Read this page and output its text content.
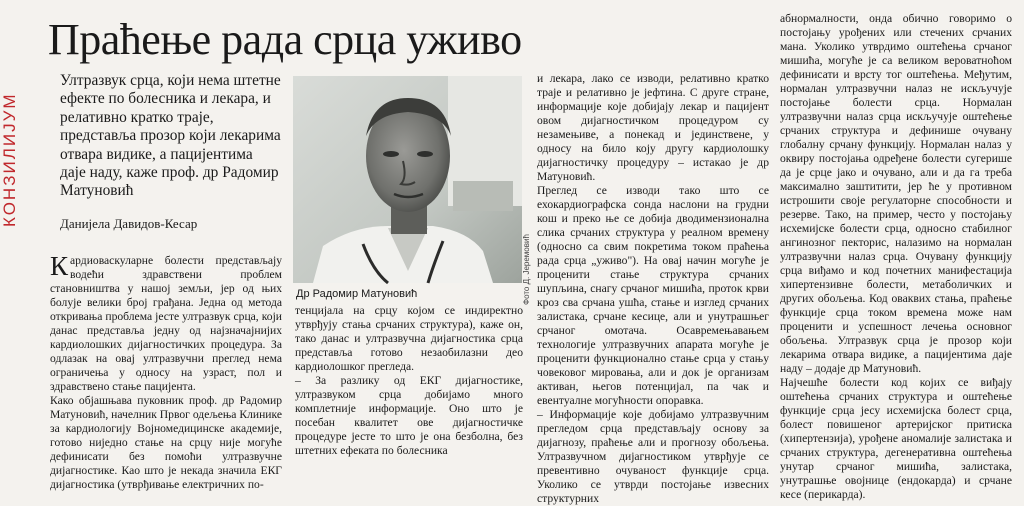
КОНЗИЛИЈУМ
Праћење рада срца уживо
Ултразвук срца, који нема штетне ефекте по болесника и лекара, и релативно кратко траје, представља прозор који лекарима отвара видике, а пацијентима даје наду, каже проф. др Радомир Матуновић
Данијела Давидов-Кесар

Кардиоваскуларне болести представљају водећи здравствени проблем становништва у нашој земљи, јер од њих болује велики број грађана. Једна од метода откривања проблема јесте ултразвук срца, који данас представља једну од најзначајнијих кардиолошких дијагностичких процедура. За одлазак на овај ултразвучни преглед нема ограничења у односу на узраст, пол и здравствено стање пацијента.
Како објашњава пуковник проф. др Радомир Матуновић, начелник Првог одељења Клинике за кардиологију Војномедицинске академије, готово ниједно стање на срцу није могуће дефинисати без помоћи ултразвучне дијагностике. Као што је некада значила ЕКГ дијагностика (утврђивање електричних по-

Фото Д. Јеремовић
Др Радомир Матуновић
тенцијала на срцу којом се индиректно утврђују стања срчаних структура), каже он, тако данас и ултразвучна дијагностика срца представља готово незаобилазни део кардиолошког прегледа.
– За разлику од ЕКГ дијагностике, ултразвуком срца добијамо много комплетније информације. Оно што је посебан квалитет ове дијагностичке процедуре јесте то што је она безболна, без штетних ефеката по болесника
и лекара, лако се изводи, релативно кратко траје и релативно је јефтина. С друге стране, информације које добијају лекар и пацијент овом дијагностичком процедуром су незамењиве, а понекад и јединствене, у односу на било коју другу кардиолошку дијагностичку процедуру – истакао је др Матуновић.
Преглед се изводи тако што се ехокардиографска сонда наслони на грудни кош и преко ње се добија дводимензионална слика срчаних структура у реалном времену (односно са свим покретима током праћења рада срца „уживо"). На овај начин могуће је проценити стање структура срчаних шупљина, снагу срчаног мишића, проток крви кроз сва срчана ушћа, стање и изглед срчаних залистака, срчане кесице, али и унутрашњег срчаног омотача. Осавремењавањем технологије ултразвучних апарата могуће је проценити функционално стање срца у стању човековог мировања, али и док је организам активан, његов потенцијал, па чак и евентуалне могућности опоравка.
– Информације које добијамо ултразвучним прегледом срца представљају основу за дијагнозу, праћење али и прогнозу обољења. Ултразвучном дијагностиком утврђује се превентивно очуваност функције срца. Уколико се утврди постојање извесних структурних
абнормалности, онда обично говоримо о постојању урођених или стечених срчаних мана. Уколико утврдимо оштећења срчаног мишића, могуће је са великом вероватноћом дефинисати и врсту тог оштећења. Међутим, нормалан ултразвучни налаз не искључује постојање болести срца. Нормалан ултразвучни налаз срца искључује оштећење срчаних структура и дефинише очувану глобалну срчану функцију. Нормалан налаз у оквиру постојања одређене болести сугерише да је срце јако и очувано, али и да га треба максимално заштитити, јер ће у противном истрошити своје регулаторне способности и резерве. Тако, на пример, често у постојању исхемијске болести срца, односно стабилног ангинозног пекторис, налазимо на нормалан ултразвучни налаз срца. Очувану функцију срца виђамо и код почетних манифестација хипертензивне болести, метаболичких и других обољења. Код оваквих стања, праћење функције срца током времена може нам проценити и успешност лечења основног обољења. Ултразвук срца је прозор који лекарима отвара видике, а пацијентима даје наду – додаје др Матуновић.
Најчешће болести код којих се виђају оштећења срчаних структура и оштећење функције срца јесу исхемијска болест срца, болест повишеног артеријског притиска (хипертензија), урођене аномалије залистака и срчаних структура, дегенеративна оштећења унутар срчаног мишића, залистака, унутрашње овојнице (ендокарда) и срчане кесе (перикарда).
